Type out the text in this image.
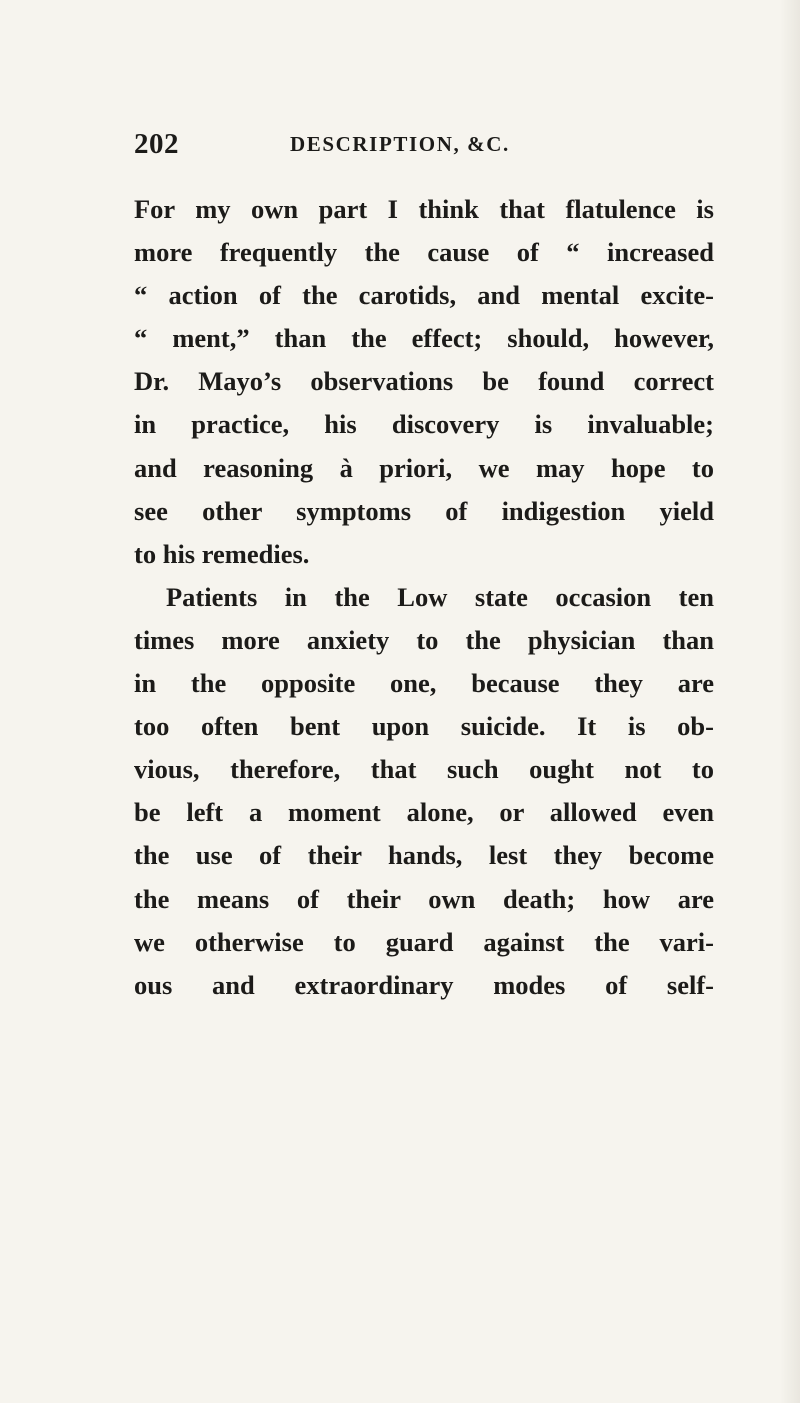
202	DESCRIPTION, &C.
For my own part I think that flatulence is
more frequently the cause of “ increased
“ action of the carotids, and mental excite-
“ ment,” than the effect; should, however,
Dr. Mayo’s observations be found correct
in practice, his discovery is invaluable;
and reasoning à priori, we may hope to
see other symptoms of indigestion yield
to his remedies.
Patients in the Low state occasion ten
times more anxiety to the physician than
in the opposite one, because they are
too often bent upon suicide. It is ob-
vious, therefore, that such ought not to
be left a moment alone, or allowed even
the use of their hands, lest they become
the means of their own death; how are
we otherwise to guard against the vari-
ous and extraordinary modes of self-
